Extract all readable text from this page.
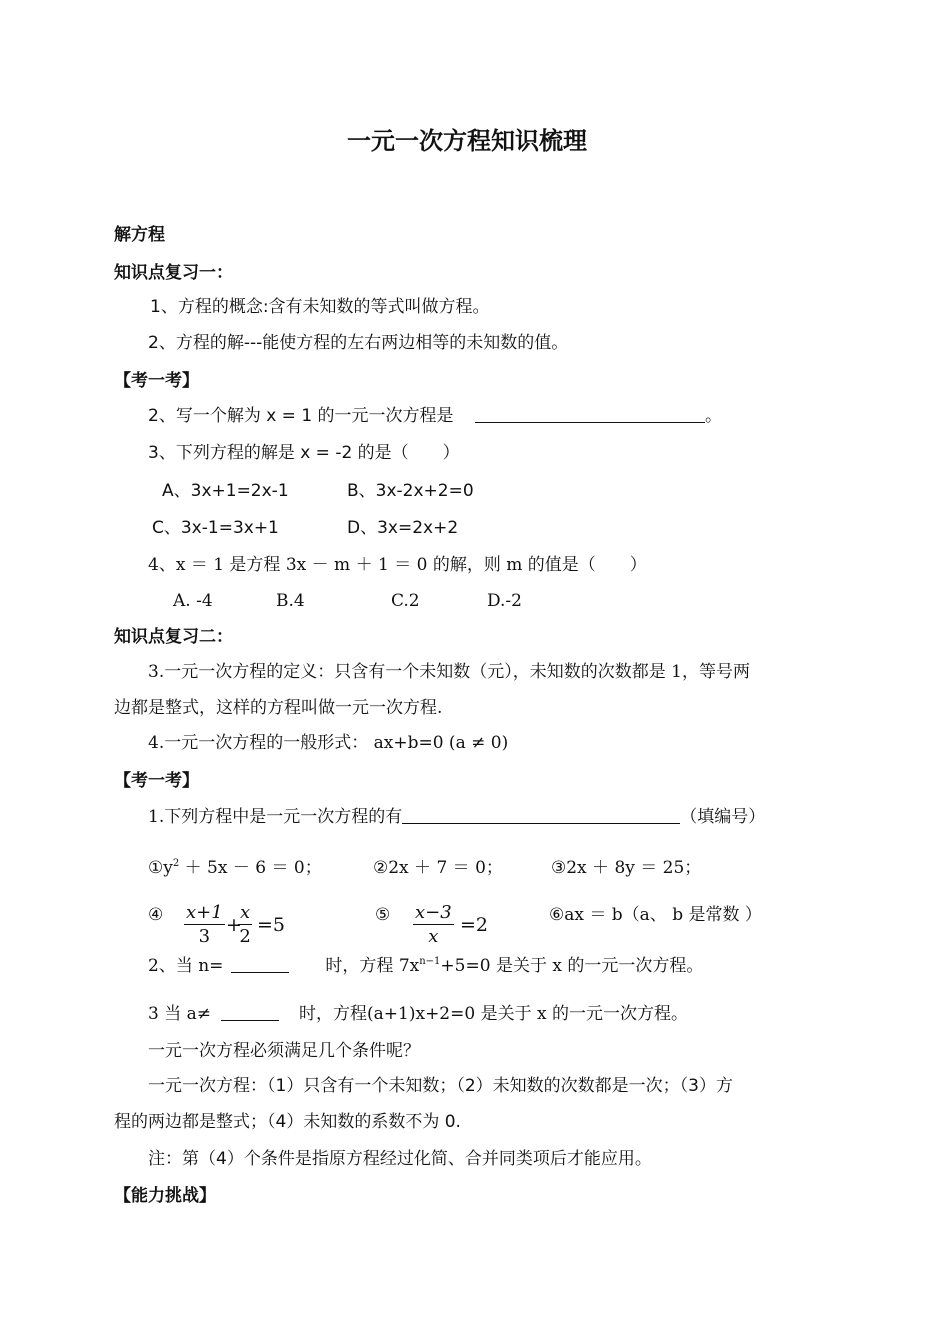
一元一次方程知识梳理
解方程
知识点复习一：
1、方程的概念:含有未知数的等式叫做方程。
2、方程的解---能使方程的左右两边相等的未知数的值。
【考一考】
2、写一个解为 x = 1 的一元一次方程是	。
3、下列方程的解是 x = -2 的是（　　）
A、3x+1=2x-1	B、3x-2x+2=0
C、3x-1=3x+1	D、3x=2x+2
4、x ＝ 1 是方程 3x － m ＋ 1 ＝ 0 的解，则 m 的值是（　　）
A. -4	B.4	C.2	D.-2
知识点复习二：
3.一元一次方程的定义：只含有一个未知数（元），未知数的次数都是 1，等号两
边都是整式，这样的方程叫做一元一次方程.
4.一元一次方程的一般形式： ax+b=0 (a ≠ 0)
【考一考】
1.下列方程中是一元一次方程的有	（填编号）
$①y^2 + 5x - 6 = 0$；	②2x ＋ 7 ＝ 0；	③2x ＋ 8y ＝ 25；
④ $\frac{x+1}{3}$ +
$\frac{x}{2} =5$	⑤ $\frac{x-3}{x} =2$	⑥ax ＝ b（a、 b 是常数 ）
2、当 n=	时，方程 $7x^{n-1}+5=0$ 是关于 x 的一元一次方程。
3 当 a≠	时，方程(a+1)x+2=0 是关于 x 的一元一次方程。
一元一次方程必须满足几个条件呢？
一元一次方程：（1）只含有一个未知数；（2）未知数的次数都是一次；（3）方
程的两边都是整式；（4）未知数的系数不为 0.
注：第（4）个条件是指原方程经过化简、合并同类项后才能应用。
【能力挑战】
